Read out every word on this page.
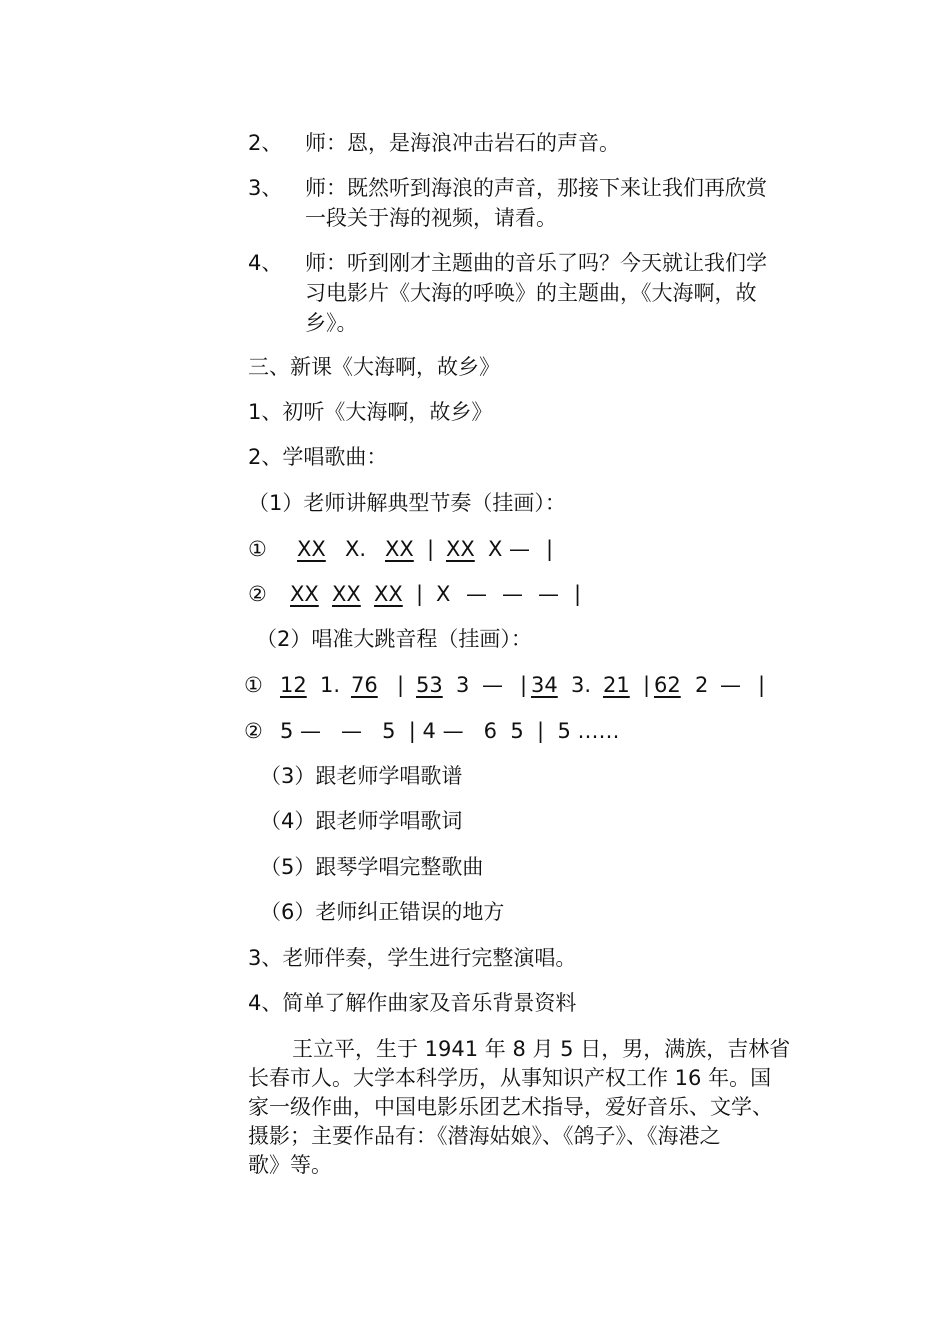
2、 师：恩，是海浪冲击岩石的声音。
3、 师：既然听到海浪的声音，那接下来让我们再欣赏
一段关于海的视频，请看。
4、 师：听到刚才主题曲的音乐了吗？今天就让我们学
习电影片《大海的呼唤》的主题曲，《大海啊，故
乡》。
三、新课《大海啊，故乡》
1、初听《大海啊，故乡》
2、学唱歌曲：
（1）老师讲解典型节奏（挂画）：
① XX X. XX | XX X — |
② XX XX XX | X — — — |
（2）唱准大跳音程（挂画）：
① 12 1. 76 | 53 3 — | 34 3. 21 | 62 2 — |
② 5 —   —   5  | 4 —   6  5  |  5 ……
（3）跟老师学唱歌谱
（4）跟老师学唱歌词
（5）跟琴学唱完整歌曲
（6）老师纠正错误的地方
3、老师伴奏，学生进行完整演唱。
4、简单了解作曲家及音乐背景资料
王立平，生于 1941 年 8 月 5 日，男，满族，吉林省
长春市人。大学本科学历，从事知识产权工作 16 年。国
家一级作曲，中国电影乐团艺术指导，爱好音乐、文学、
摄影；主要作品有：《潜海姑娘》、《鸽子》、《海港之
歌》等。
